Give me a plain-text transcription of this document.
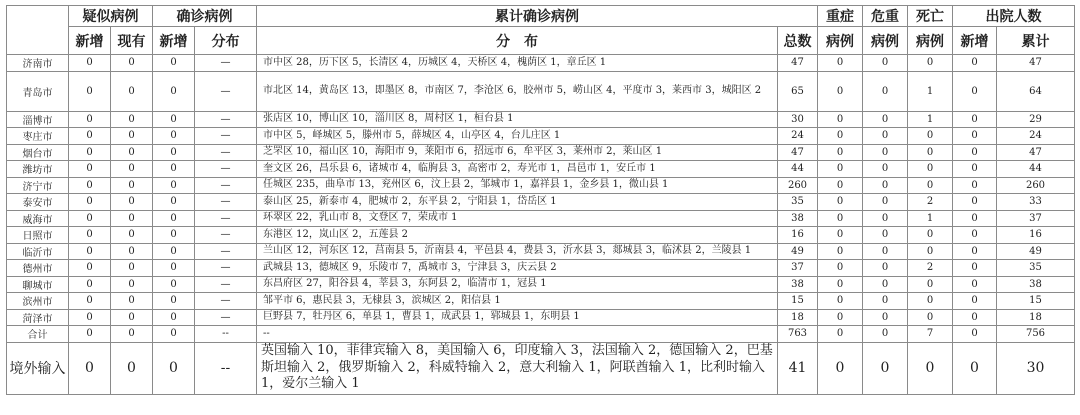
	疑似病例		确诊病例		累计确诊病例		重症	危重	死亡	出院人数	
	新增	现有	新增	分布	分　布	总数	病例	病例	病例	新增	累计
济南市	0	0	0	—	市中区 28，历下区 5，长清区 4，历城区 4，天桥区 4，槐荫区 1，章丘区 1	47	0	0	0	0	47
青岛市	0	0	0	—	市北区 14，黄岛区 13，即墨区 8，市南区 7，李沧区 6，胶州市 5，崂山区 4，平度市 3，莱西市 3，城阳区 2	65	0	0	1	0	64
淄博市	0	0	0	—	张店区 10，博山区 10，淄川区 8，周村区 1，桓台县 1	30	0	0	1	0	29
枣庄市	0	0	0	—	市中区 5，峄城区 5，滕州市 5，薛城区 4，山亭区 4，台儿庄区 1	24	0	0	0	0	24
烟台市	0	0	0	—	芝罘区 10，福山区 10，海阳市 9，莱阳市 6，招远市 6，牟平区 3，莱州市 2，莱山区 1	47	0	0	0	0	47
潍坊市	0	0	0	—	奎文区 26，昌乐县 6，诸城市 4，临朐县 3，高密市 2，寿光市 1，昌邑市 1，安丘市 1	44	0	0	0	0	44
济宁市	0	0	0	—	任城区 235，曲阜市 13，兖州区 6，汶上县 2，邹城市 1，嘉祥县 1，金乡县 1，微山县 1	260	0	0	0	0	260
泰安市	0	0	0	—	泰山区 25，新泰市 4，肥城市 2，东平县 2，宁阳县 1，岱岳区 1	35	0	0	2	0	33
威海市	0	0	0	—	环翠区 22，乳山市 8，文登区 7，荣成市 1	38	0	0	1	0	37
日照市	0	0	0	—	东港区 12，岚山区 2，五莲县 2	16	0	0	0	0	16
临沂市	0	0	0	—	兰山区 12，河东区 12，莒南县 5，沂南县 4，平邑县 4，费县 3，沂水县 3，郯城县 3，临沭县 2，兰陵县 1	49	0	0	0	0	49
德州市	0	0	0	—	武城县 13，德城区 9，乐陵市 7，禹城市 3，宁津县 3，庆云县 2	37	0	0	2	0	35
聊城市	0	0	0	—	东昌府区 27，阳谷县 4，莘县 3，东阿县 2，临清市 1，冠县 1	38	0	0	0	0	38
滨州市	0	0	0	—	邹平市 6，惠民县 3，无棣县 3，滨城区 2，阳信县 1	15	0	0	0	0	15
菏泽市	0	0	0	—	巨野县 7，牡丹区 6，单县 1，曹县 1，成武县 1，郓城县 1，东明县 1	18	0	0	0	0	18
合计	0	0	0	--	--	763	0	0	7	0	756
境外输入	0	0	0	--	英国输入 10，菲律宾输入 8，美国输入 6，印度输入 3，法国输入 2，德国输入 2，巴基斯坦输入 2，俄罗斯输入 2，科威特输入 2，意大利输入 1，阿联酋输入 1，比利时输入 1，爱尔兰输入 1	41	0	0	0	0	30
